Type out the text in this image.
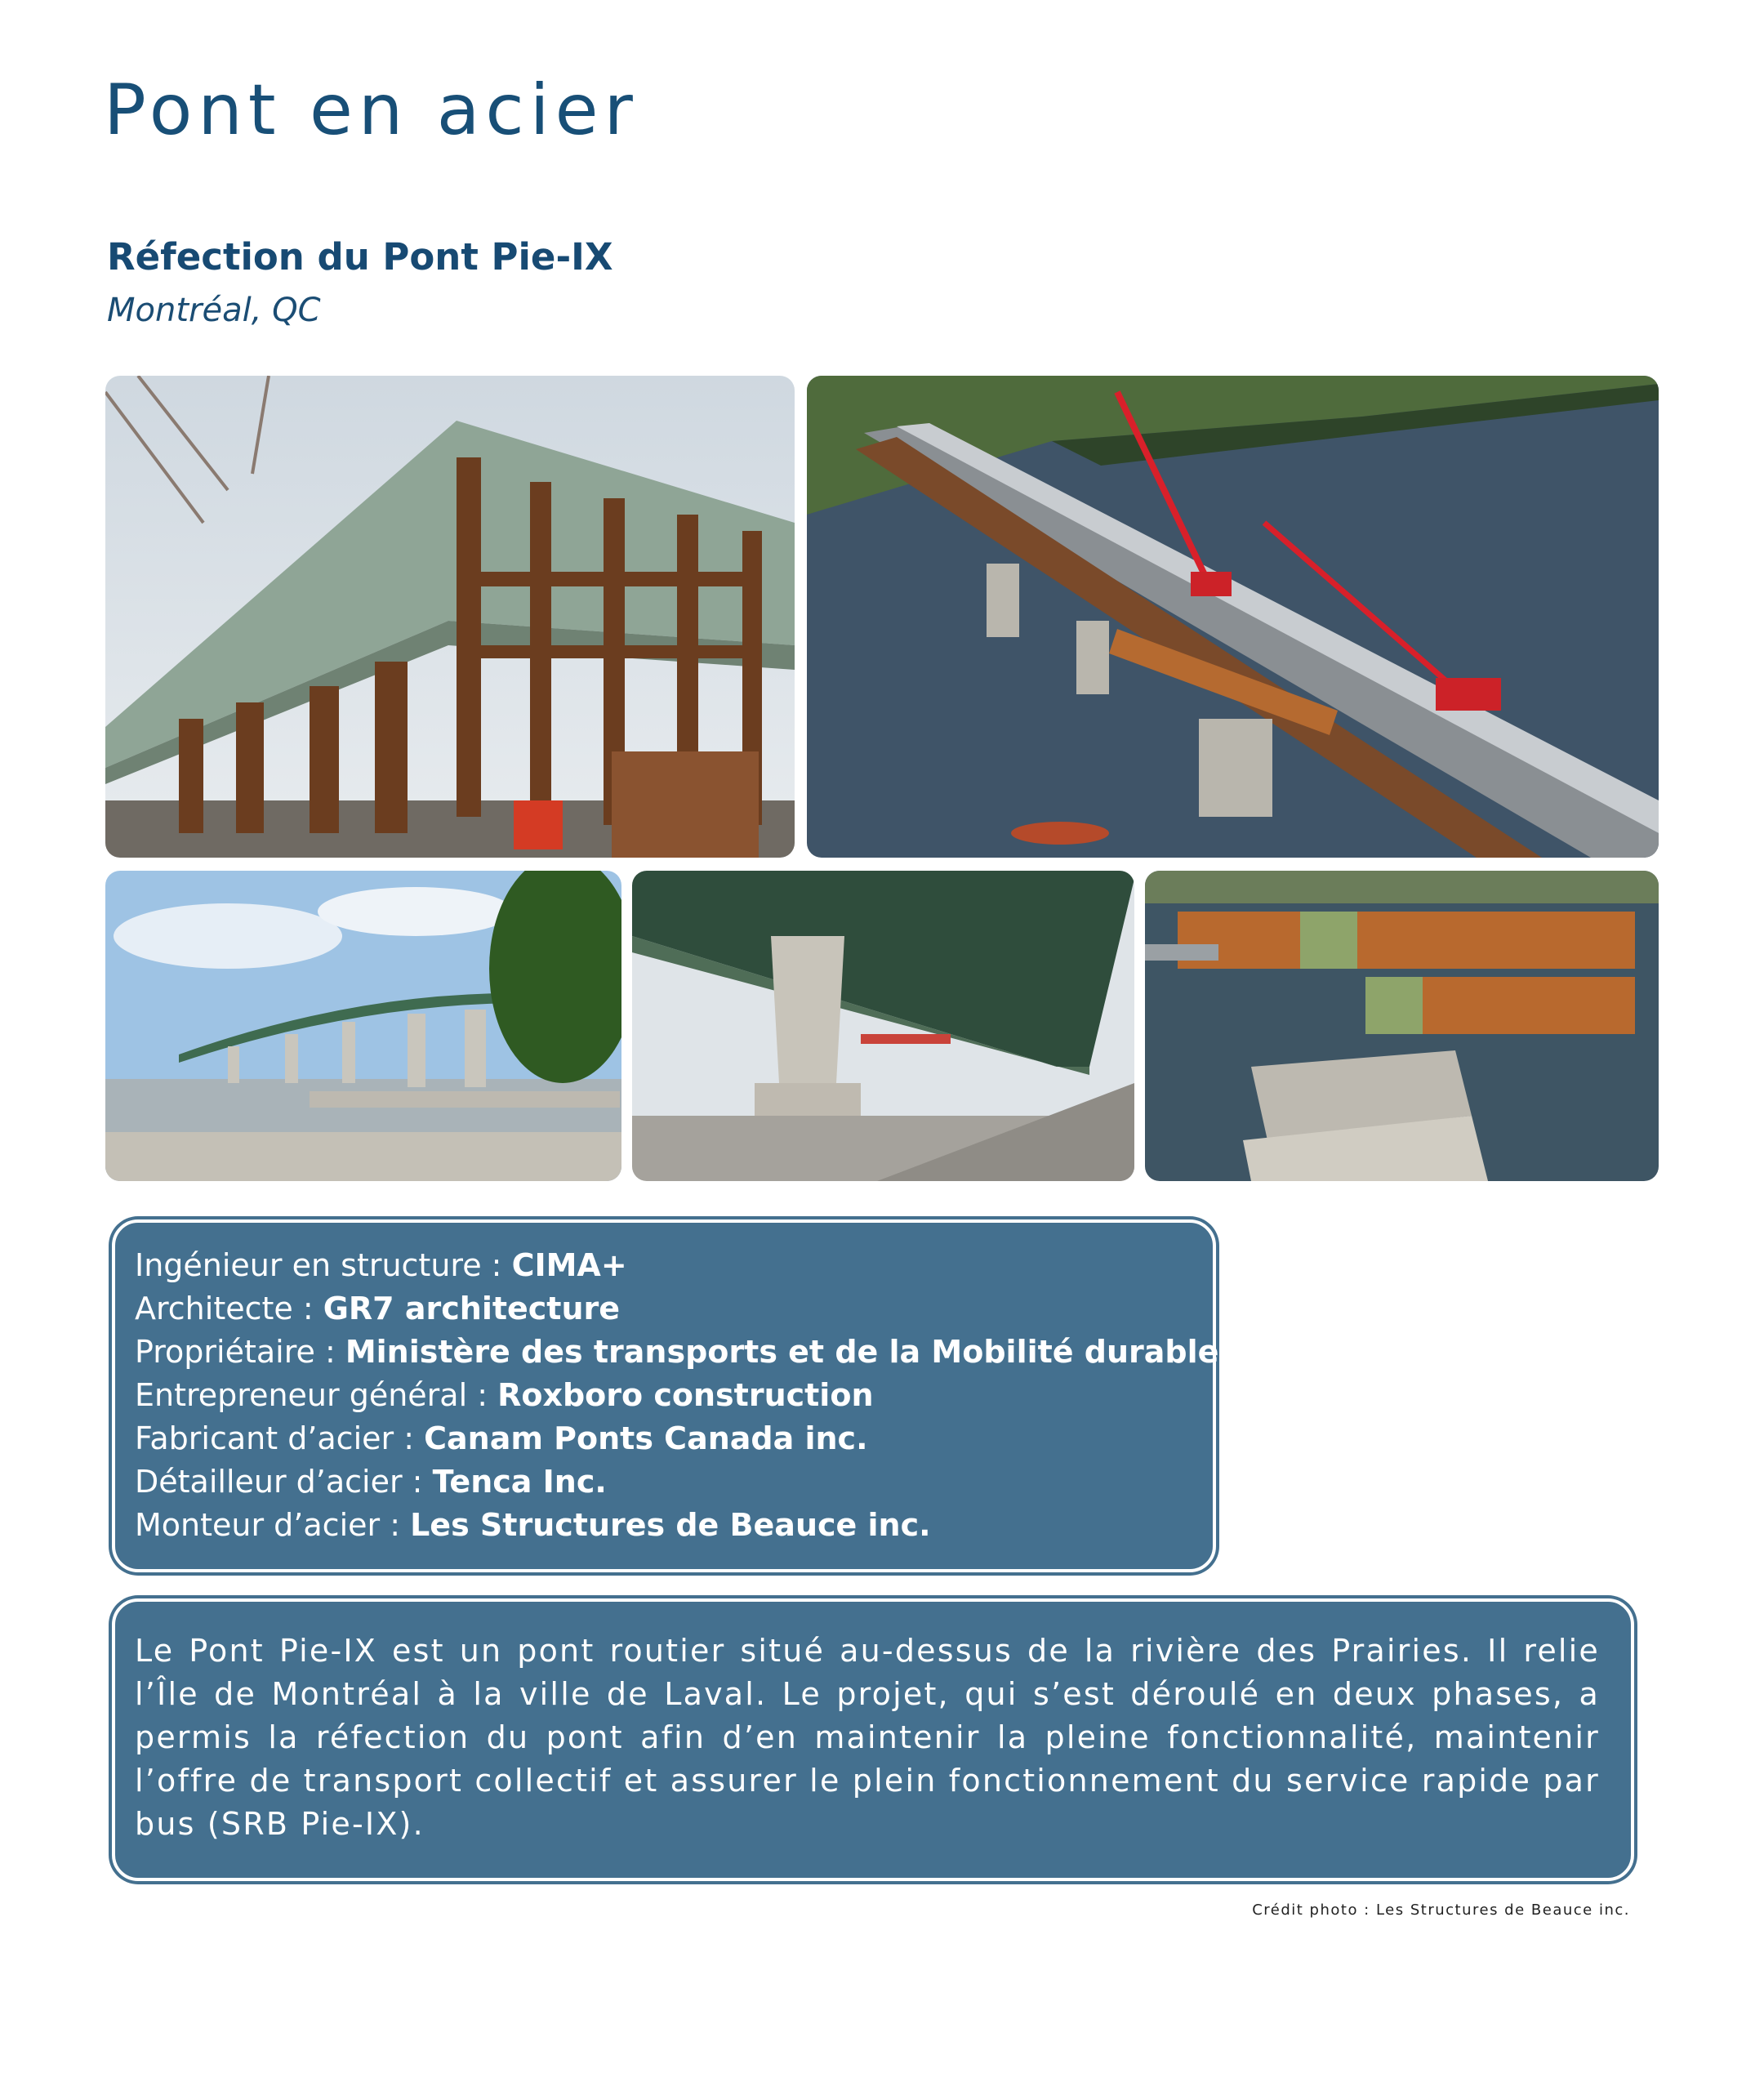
Pont en acier
Réfection du Pont Pie-IX
Montréal, QC
Ingénieur en structure : CIMA+
Architecte : GR7 architecture
Propriétaire : Ministère des transports et de la Mobilité durable
Entrepreneur général : Roxboro construction
Fabricant d’acier : Canam Ponts Canada inc.
Détailleur d’acier : Tenca Inc.
Monteur d’acier : Les Structures de Beauce inc.

Le Pont Pie-IX est un pont routier situé au-dessus de la rivière des Prairies. Il relie l’Île de Montréal à la ville de Laval. Le projet, qui s’est déroulé en deux phases, a permis la réfection du pont afin d’en maintenir la pleine fonctionnalité, maintenir l’offre de transport collectif et assurer le plein fonctionnement du service rapide par bus (SRB Pie-IX).

Crédit photo : Les Structures de Beauce inc.
